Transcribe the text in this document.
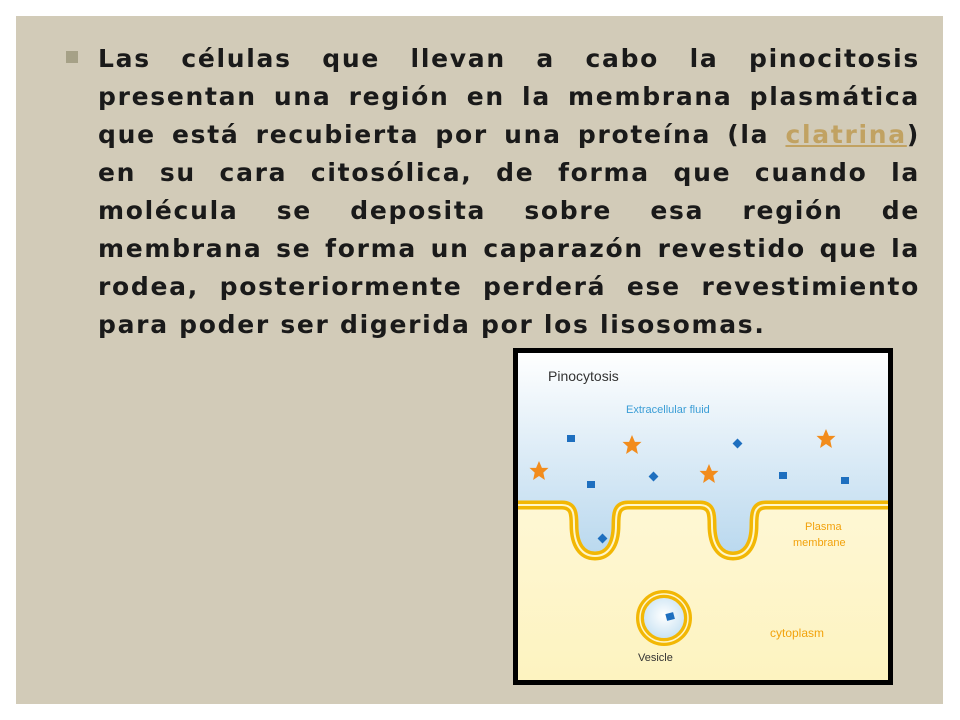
Las células que llevan a cabo la pinocitosis presentan una región en la membrana plasmática que está recubierta por una proteína (la clatrina) en su cara citosólica, de forma que cuando la molécula se deposita sobre esa región de membrana se forma un caparazón revestido que la rodea, posteriormente perderá ese revestimiento para poder ser digerida por los lisosomas.
Pinocytosis
Extracellular fluid
Plasma
membrane
cytoplasm
Vesicle
